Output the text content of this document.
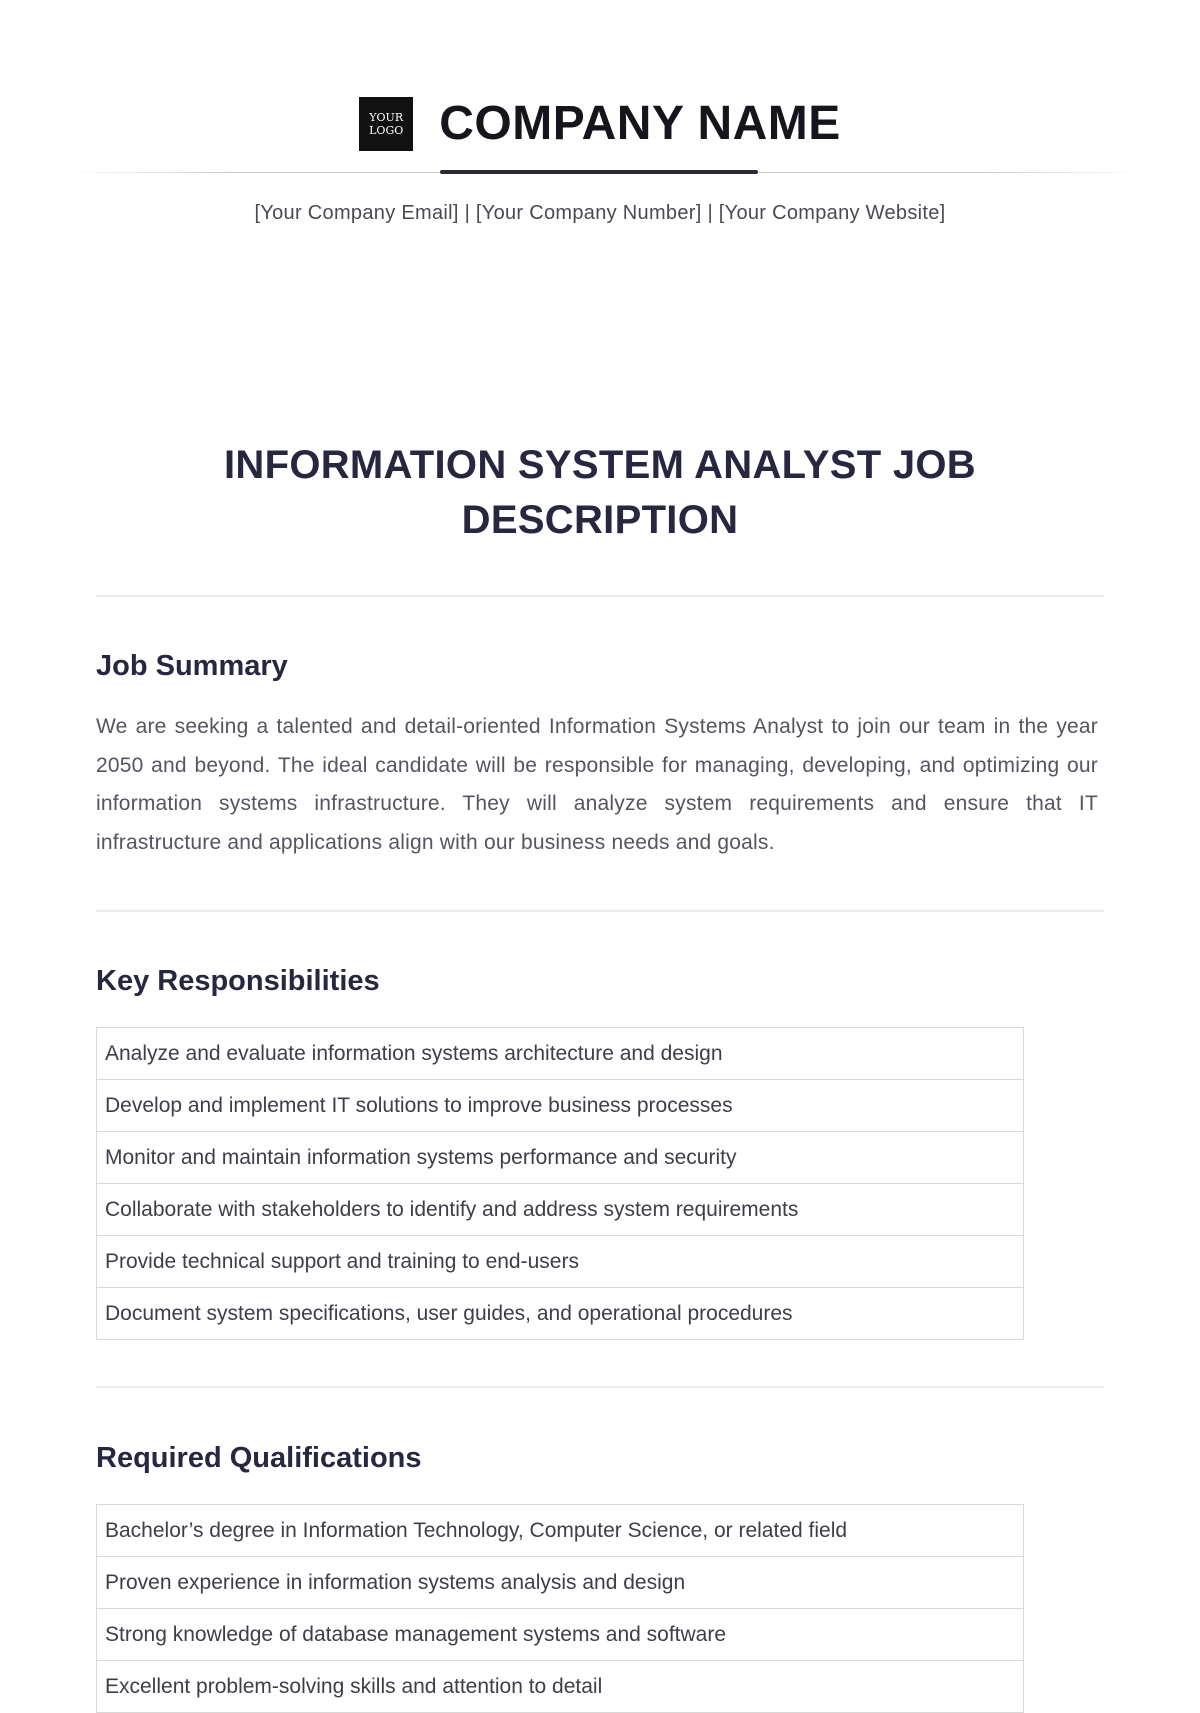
YOUR
LOGO COMPANY NAME
[Your Company Email] | [Your Company Number] | [Your Company Website]
INFORMATION SYSTEM ANALYST JOB DESCRIPTION
Job Summary
We are seeking a talented and detail-oriented Information Systems Analyst to join our team in the year 2050 and beyond. The ideal candidate will be responsible for managing, developing, and optimizing our information systems infrastructure. They will analyze system requirements and ensure that IT infrastructure and applications align with our business needs and goals.
Key Responsibilities
Analyze and evaluate information systems architecture and design
Develop and implement IT solutions to improve business processes
Monitor and maintain information systems performance and security
Collaborate with stakeholders to identify and address system requirements
Provide technical support and training to end-users
Document system specifications, user guides, and operational procedures
Required Qualifications
Bachelor’s degree in Information Technology, Computer Science, or related field
Proven experience in information systems analysis and design
Strong knowledge of database management systems and software
Excellent problem-solving skills and attention to detail
